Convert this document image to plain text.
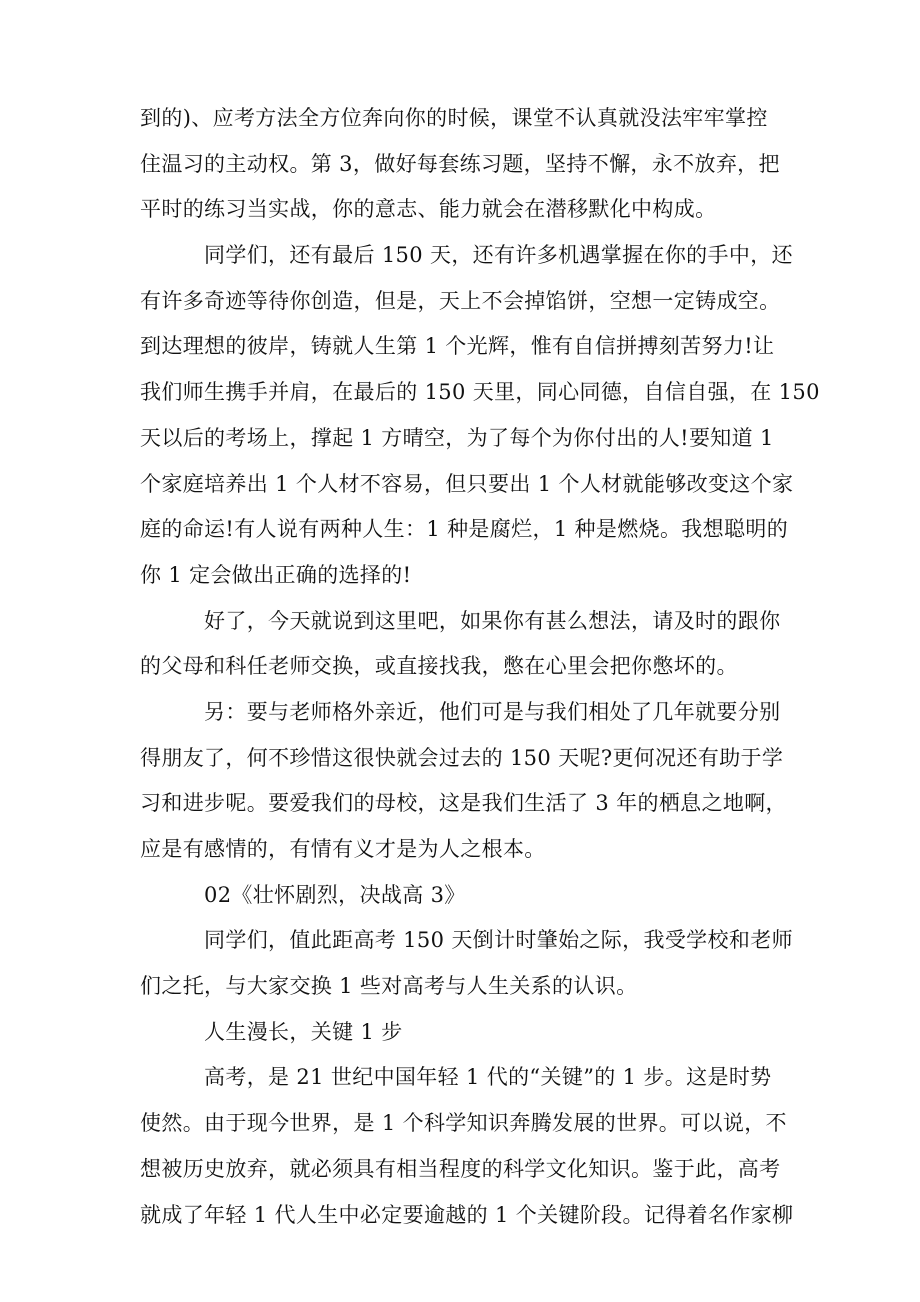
到的)、应考方法全方位奔向你的时候，课堂不认真就没法牢牢掌控
住温习的主动权。第 3，做好每套练习题，坚持不懈，永不放弃，把
平时的练习当实战，你的意志、能力就会在潜移默化中构成。
同学们，还有最后 150 天，还有许多机遇掌握在你的手中，还
有许多奇迹等待你创造，但是，天上不会掉馅饼，空想一定铸成空。
到达理想的彼岸，铸就人生第 1 个光辉，惟有自信拼搏刻苦努力!让
我们师生携手并肩，在最后的 150 天里，同心同德，自信自强，在 150
天以后的考场上，撑起 1 方晴空，为了每个为你付出的人!要知道 1
个家庭培养出 1 个人材不容易，但只要出 1 个人材就能够改变这个家
庭的命运!有人说有两种人生：1 种是腐烂，1 种是燃烧。我想聪明的
你 1 定会做出正确的选择的!
好了，今天就说到这里吧，如果你有甚么想法，请及时的跟你
的父母和科任老师交换，或直接找我，憋在心里会把你憋坏的。
另：要与老师格外亲近，他们可是与我们相处了几年就要分别
得朋友了，何不珍惜这很快就会过去的 150 天呢?更何况还有助于学
习和进步呢。要爱我们的母校，这是我们生活了 3 年的栖息之地啊，
应是有感情的，有情有义才是为人之根本。
02《壮怀剧烈，决战高 3》
同学们，值此距高考 150 天倒计时肇始之际，我受学校和老师
们之托，与大家交换 1 些对高考与人生关系的认识。
人生漫长，关键 1 步
高考，是 21 世纪中国年轻 1 代的“关键”的 1 步。这是时势
使然。由于现今世界，是 1 个科学知识奔腾发展的世界。可以说，不
想被历史放弃，就必须具有相当程度的科学文化知识。鉴于此，高考
就成了年轻 1 代人生中必定要逾越的 1 个关键阶段。记得着名作家柳
